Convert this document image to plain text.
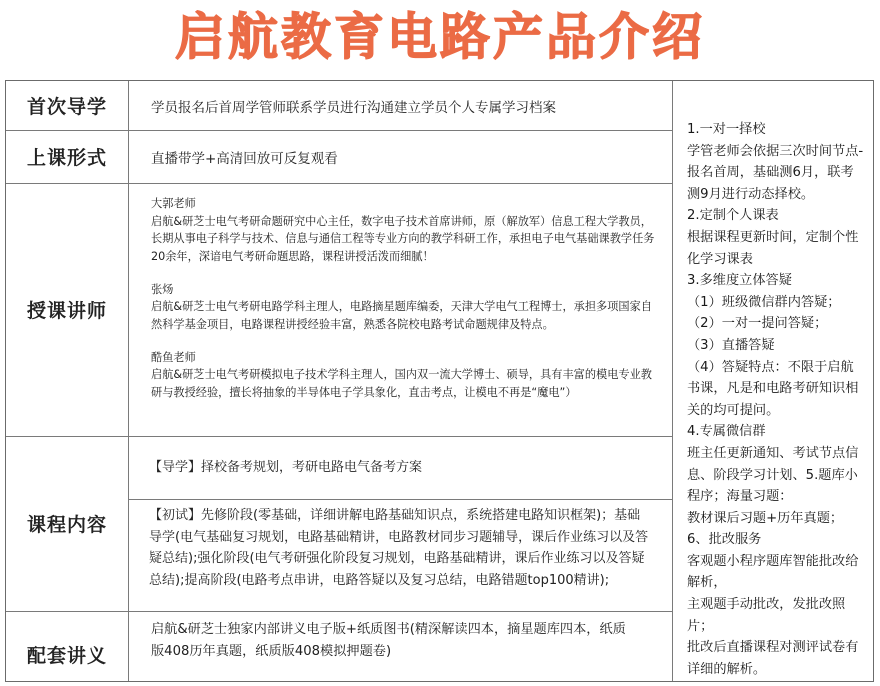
启航教育电路产品介绍
首次导学	学员报名后首周学管师联系学员进行沟通建立学员个人专属学习档案
上课形式	直播带学+高清回放可反复观看
授课讲师
大郭老师
启航&研芝士电气考研命题研究中心主任，数字电子技术首席讲师，原（解放军）信息工程大学教员，长期从事电子科学与技术、信息与通信工程等专业方向的教学科研工作，承担电子电气基础课教学任务20余年，深谙电气考研命题思路，课程讲授活泼而细腻！
张炀
启航&研芝士电气考研电路学科主理人，电路摘星题库编委，天津大学电气工程博士，承担多项国家自然科学基金项目，电路课程讲授经验丰富，熟悉各院校电路考试命题规律及特点。
酷鱼老师
启航&研芝士电气考研模拟电子技术学科主理人，国内双一流大学博士、硕导，具有丰富的模电专业教研与教授经验，擅长将抽象的半导体电子学具象化，直击考点，让模电不再是“魔电”）
课程内容
【导学】择校备考规划，考研电路电气备考方案
【初试】先修阶段(零基础，详细讲解电路基础知识点，系统搭建电路知识框架)；基础导学(电气基础复习规划，电路基础精讲，电路教材同步习题辅导，课后作业练习以及答疑总结);强化阶段(电气考研强化阶段复习规划，电路基础精讲，课后作业练习以及答疑总结);提高阶段(电路考点串讲，电路答疑以及复习总结，电路错题top100精讲);
配套讲义
启航&研芝士独家内部讲义电子版+纸质图书(精深解读四本，摘星题库四本，纸质版408历年真题，纸质版408模拟押题卷)
1.一对一择校
学管老师会依据三次时间节点-报名首周，基础测6月，联考测9月进行动态择校。
2.定制个人课表
根据课程更新时间，定制个性化学习课表
3.多维度立体答疑
（1）班级微信群内答疑；
（2）一对一提问答疑；
（3）直播答疑
（4）答疑特点：不限于启航书课，凡是和电路考研知识相关的均可提问。
4.专属微信群
班主任更新通知、考试节点信息、阶段学习计划、5.题库小程序；海量习题：
教材课后习题+历年真题；
6、批改服务
客观题小程序题库智能批改给解析，
主观题手动批改，发批改照片；
批改后直播课程对测评试卷有详细的解析。
